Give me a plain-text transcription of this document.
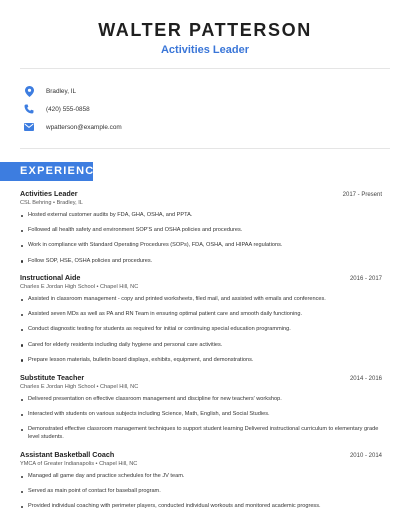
WALTER PATTERSON
Activities Leader
Bradley, IL
(420) 555-0858
wpatterson@example.com
EXPERIENCE
Activities Leader	2017 - Present
CSL Behring • Bradley, IL
Hosted external customer audits by FDA, GHA, OSHA, and PPTA.
Followed all health safety and environment SOP'S and OSHA policies and procedures.
Work in compliance with Standard Operating Procedures (SOPs), FDA, OSHA, and HIPAA regulations.
Follow SOP, HSE, OSHA policies and procedures.
Instructional Aide	2016 - 2017
Charles E Jordan High School • Chapel Hill, NC
Assisted in classroom management - copy and printed worksheets, filed mail, and assisted with emails and conferences.
Assisted seven MDs as well as PA and RN Team in ensuring optimal patient care and smooth daily functioning.
Conduct diagnostic testing for students as required for initial or continuing special education programming.
Cared for elderly residents including daily hygiene and personal care activities.
Prepare lesson materials, bulletin board displays, exhibits, equipment, and demonstrations.
Substitute Teacher	2014 - 2016
Charles E Jordan High School • Chapel Hill, NC
Delivered presentation on effective classroom management and discipline for new teachers' workshop.
Interacted with students on various subjects including Science, Math, English, and Social Studies.
Demonstrated effective classroom management techniques to support student learning Delivered instructional curriculum to elementary grade level students.
Assistant Basketball Coach	2010 - 2014
YMCA of Greater Indianapolis • Chapel Hill, NC
Managed all game day and practice schedules for the JV team.
Served as main point of contact for baseball program.
Provided individual coaching with perimeter players, conducted individual workouts and monitored academic progress.
